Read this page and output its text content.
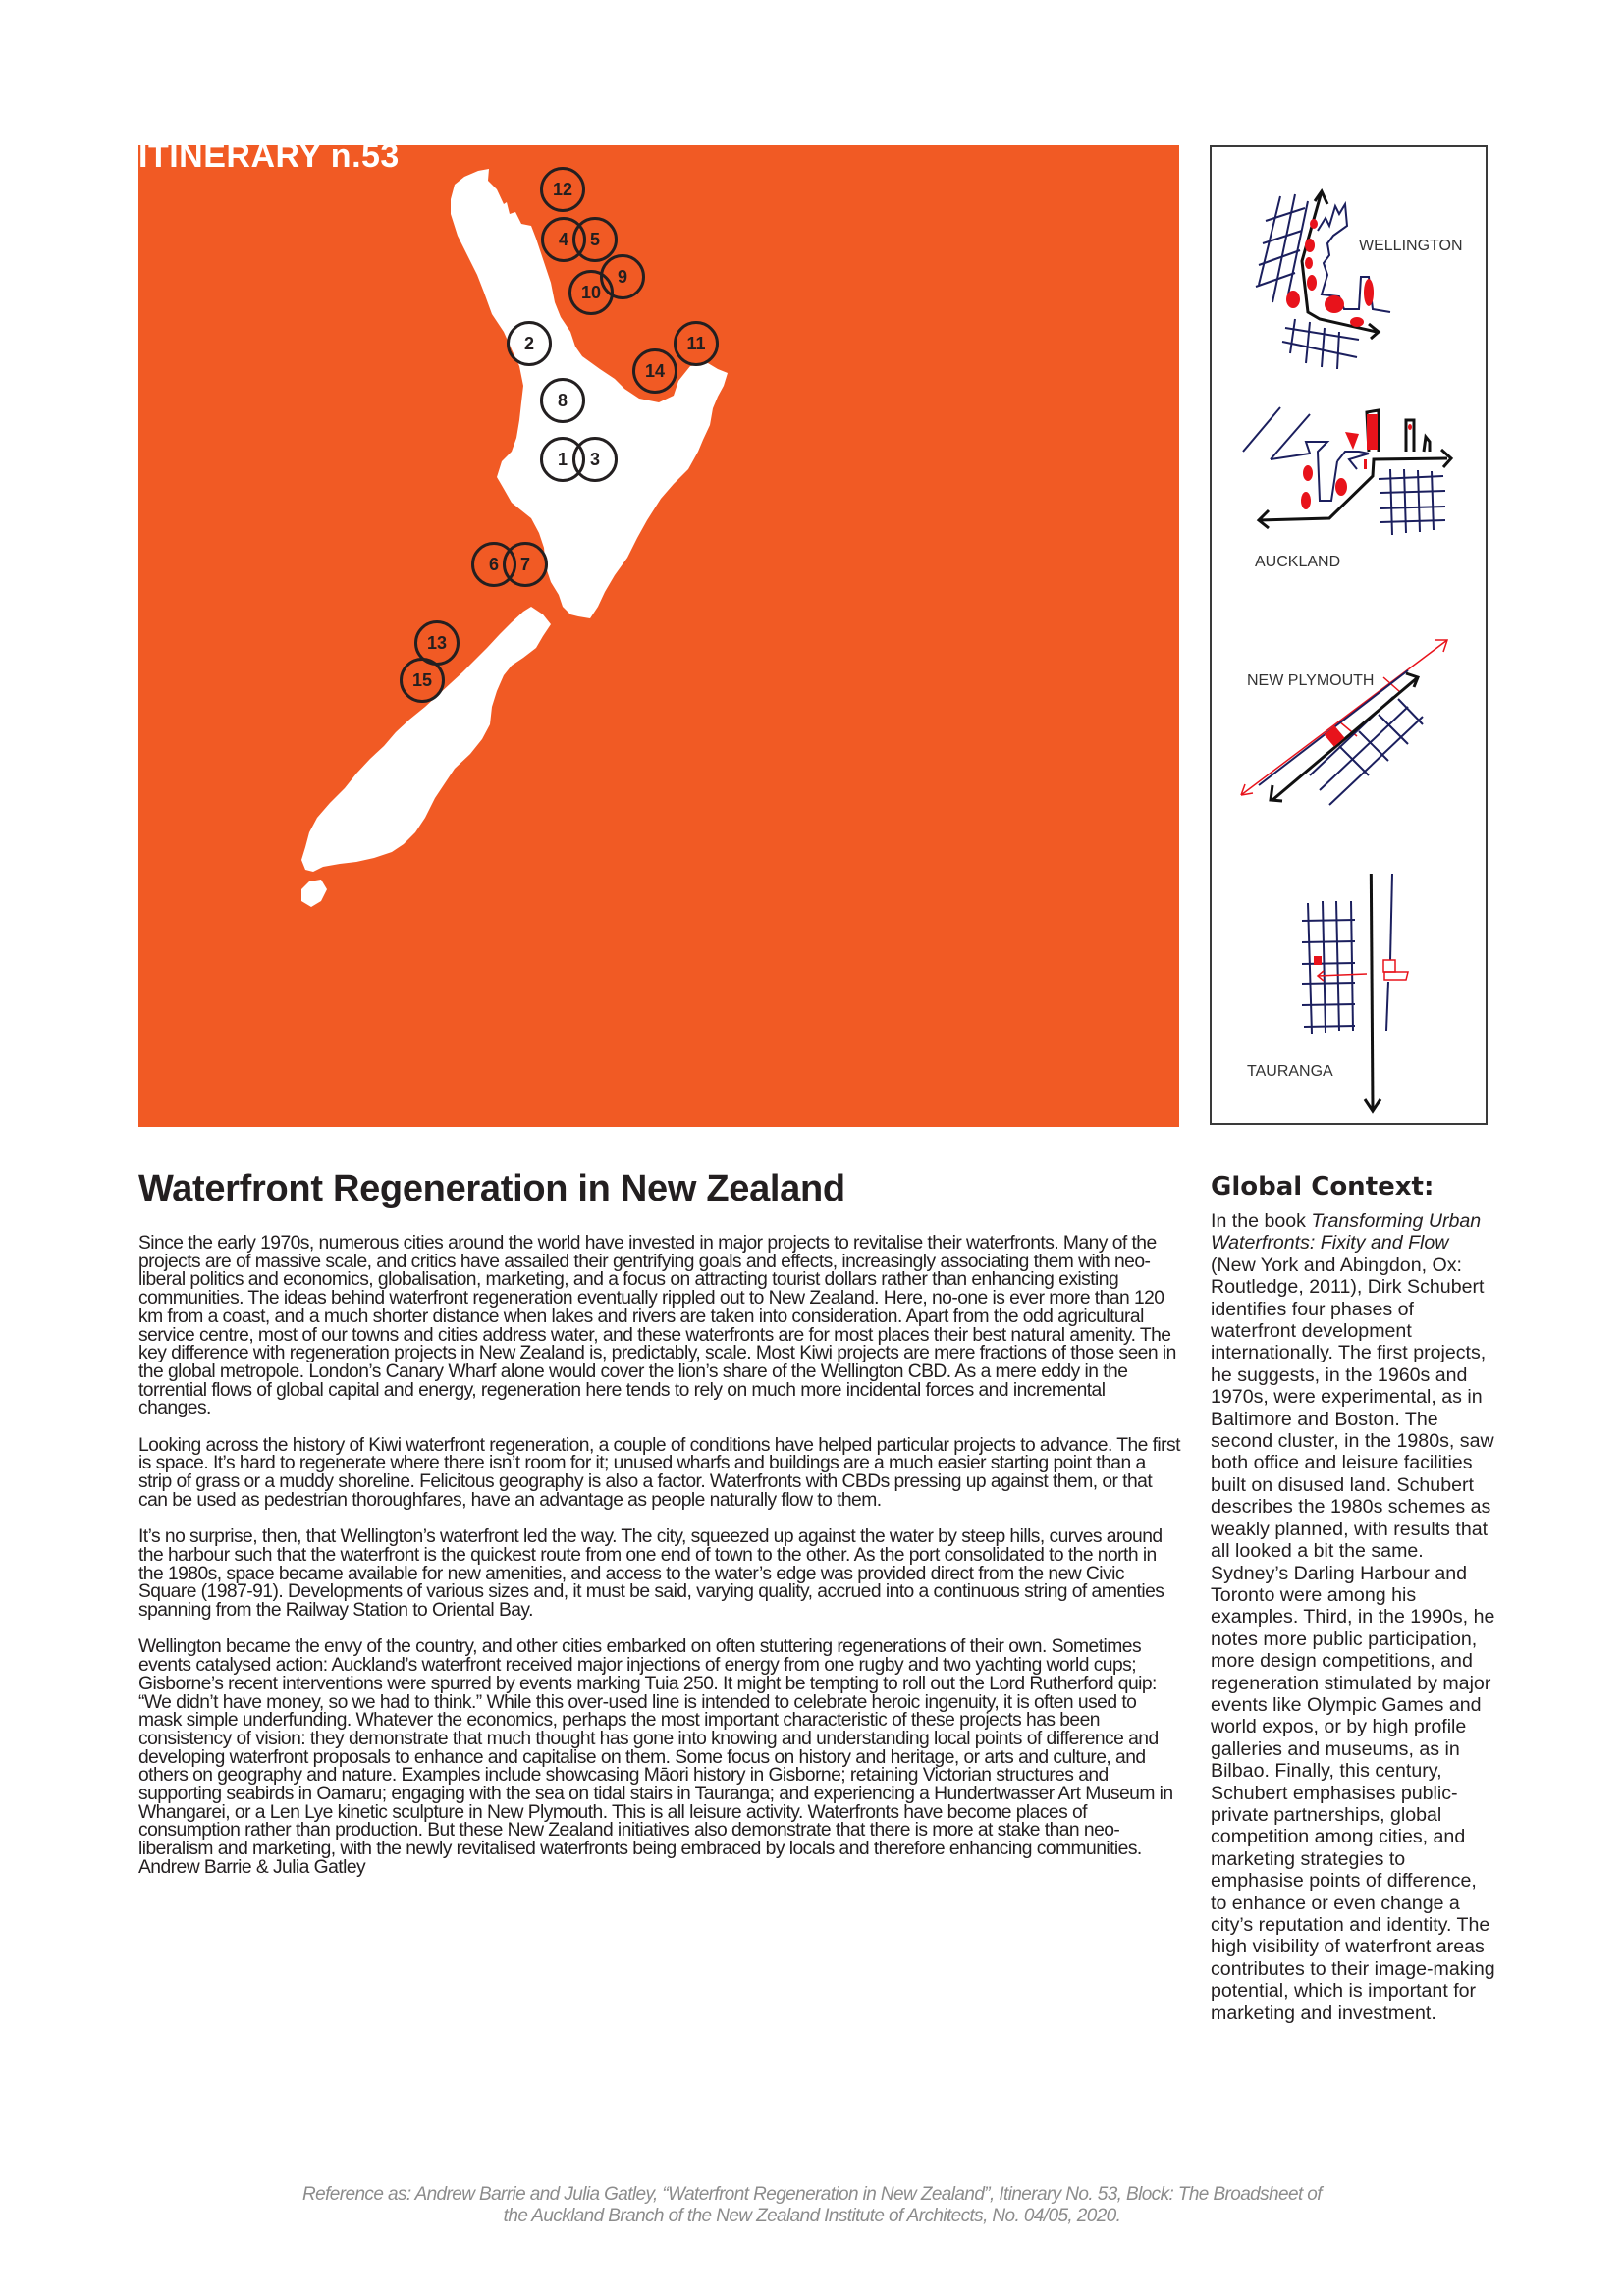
12
4 5
9
10
2	11
14
8
1 3
6 7
13
15
ITINERARY n.53
WELLINGTON
AUCKLAND
NEW PLYMOUTH
TAURANGA
Waterfront Regeneration in New Zealand

Since the early 1970s, numerous cities around the world have invested in major projects to revitalise their waterfronts. Many of the projects are of massive scale, and critics have assailed their gentrifying goals and effects, increasingly associating them with neo-liberal politics and economics, globalisation, marketing, and a focus on attracting tourist dollars rather than enhancing existing communities. The ideas behind waterfront regeneration eventually rippled out to New Zealand. Here, no-one is ever more than 120 km from a coast, and a much shorter distance when lakes and rivers are taken into consideration. Apart from the odd agricultural service centre, most of our towns and cities address water, and these waterfronts are for most places their best natural amenity. The key difference with regeneration projects in New Zealand is, predictably, scale. Most Kiwi projects are mere fractions of those seen in the global metropole. London’s Canary Wharf alone would cover the lion’s share of the Wellington CBD. As a mere eddy in the torrential flows of global capital and energy, regeneration here tends to rely on much more incidental forces and incremental changes.

Looking across the history of Kiwi waterfront regeneration, a couple of conditions have helped particular projects to advance. The first is space. It’s hard to regenerate where there isn’t room for it; unused wharfs and buildings are a much easier starting point than a strip of grass or a muddy shoreline. Felicitous geography is also a factor. Waterfronts with CBDs pressing up against them, or that can be used as pedestrian thoroughfares, have an advantage as people naturally flow to them.

It’s no surprise, then, that Wellington’s waterfront led the way. The city, squeezed up against the water by steep hills, curves around the harbour such that the waterfront is the quickest route from one end of town to the other. As the port consolidated to the north in the 1980s, space became available for new amenities, and access to the water’s edge was provided direct from the new Civic Square (1987-91). Developments of various sizes and, it must be said, varying quality, accrued into a continuous string of amenties spanning from the Railway Station to Oriental Bay.

Wellington became the envy of the country, and other cities embarked on often stuttering regenerations of their own. Sometimes events catalysed action: Auckland’s waterfront received major injections of energy from one rugby and two yachting world cups; Gisborne’s recent interventions were spurred by events marking Tuia 250. It might be tempting to roll out the Lord Rutherford quip: “We didn’t have money, so we had to think.” While this over-used line is intended to celebrate heroic ingenuity, it is often used to mask simple underfunding. Whatever the economics, perhaps the most important characteristic of these projects has been consistency of vision: they demonstrate that much thought has gone into knowing and understanding local points of difference and developing waterfront proposals to enhance and capitalise on them. Some focus on history and heritage, or arts and culture, and others on geography and nature. Examples include showcasing Māori history in Gisborne; retaining Victorian structures and supporting seabirds in Oamaru; engaging with the sea on tidal stairs in Tauranga; and experiencing a Hundertwasser Art Museum in Whangarei, or a Len Lye kinetic sculpture in New Plymouth. This is all leisure activity. Waterfronts have become places of consumption rather than production. But these New Zealand initiatives also demonstrate that there is more at stake than neo-liberalism and marketing, with the newly revitalised waterfronts being embraced by locals and therefore enhancing communities.

Andrew Barrie & Julia Gatley

Global Context:
In the book Transforming Urban Waterfronts: Fixity and Flow (New York and Abingdon, Ox: Routledge, 2011), Dirk Schubert identifies four phases of waterfront development internationally. The first projects, he suggests, in the 1960s and 1970s, were experimental, as in Baltimore and Boston. The second cluster, in the 1980s, saw both office and leisure facilities built on disused land. Schubert describes the 1980s schemes as weakly planned, with results that all looked a bit the same. Sydney’s Darling Harbour and Toronto were among his examples. Third, in the 1990s, he notes more public participation, more design competitions, and regeneration stimulated by major events like Olympic Games and world expos, or by high profile galleries and museums, as in Bilbao. Finally, this century, Schubert emphasises public-private partnerships, global competition among cities, and marketing strategies to emphasise points of difference, to enhance or even change a city’s reputation and identity. The high visibility of waterfront areas contributes to their image-making potential, which is important for marketing and investment.
Reference as: Andrew Barrie and Julia Gatley, “Waterfront Regeneration in New Zealand”, Itinerary No. 53, Block: The Broadsheet of
the Auckland Branch of the New Zealand Institute of Architects, No. 04/05, 2020.
